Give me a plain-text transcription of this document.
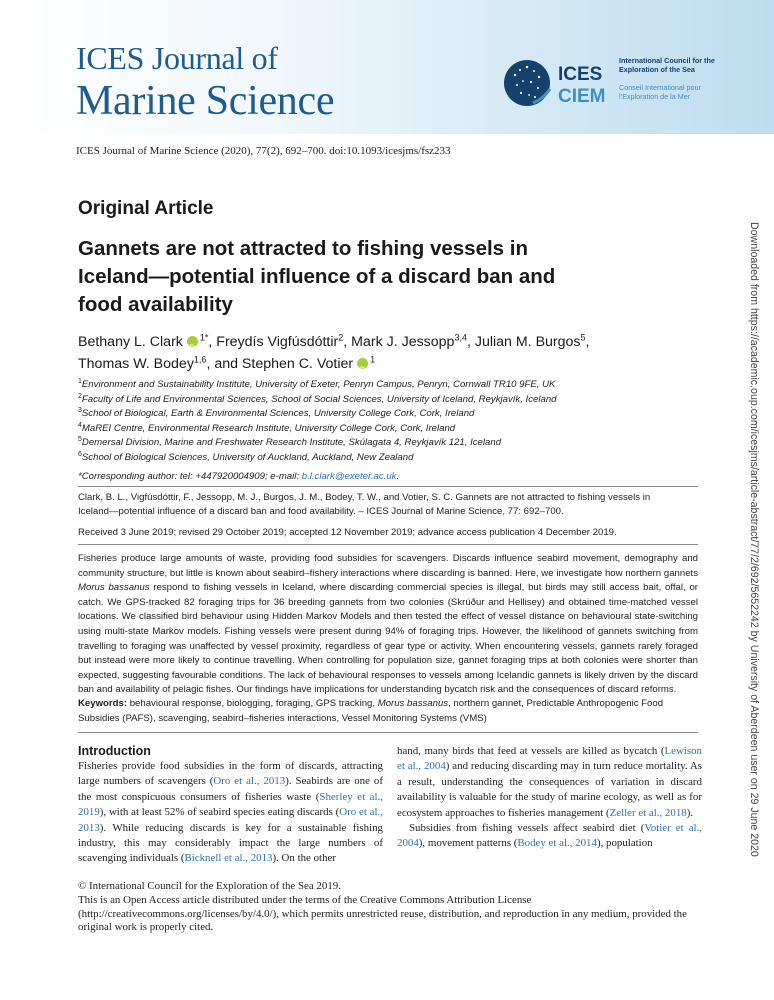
ICES Journal of
Marine Science
ICES
CIEM
International Council for the Exploration of the Sea
Conseil International pour l’Exploration de la Mer
ICES Journal of Marine Science (2020), 77(2), 692–700. doi:10.1093/icesjms/fsz233
Downloaded from https://academic.oup.com/icesjms/article-abstract/77/2/692/5652242 by University of Aberdeen user on 29 June 2020
Original Article
Gannets are not attracted to fishing vessels in Iceland—potential influence of a discard ban and food availability
Bethany L. Clark iD $^{1*}$, Freydís Vigfúsdóttir$^2$, Mark J. Jessopp$^{3,4}$, Julian M. Burgos$^5$,
Thomas W. Bodey$^{1,6}$, and Stephen C. Votier iD $^1$
$^1$Environment and Sustainability Institute, University of Exeter, Penryn Campus, Penryn, Cornwall TR10 9FE, UK
$^2$Faculty of Life and Environmental Sciences, School of Social Sciences, University of Iceland, Reykjavík, Iceland
$^3$School of Biological, Earth & Environmental Sciences, University College Cork, Cork, Ireland
$^4$MaREI Centre, Environmental Research Institute, University College Cork, Cork, Ireland
$^5$Demersal Division, Marine and Freshwater Research Institute, Skúlagata 4, Reykjavík 121, Iceland
$^6$School of Biological Sciences, University of Auckland, Auckland, New Zealand
*Corresponding author: tel: +447920004909; e-mail: b.l.clark@exeter.ac.uk.
Clark, B. L., Vigfúsdóttir, F., Jessopp, M. J., Burgos, J. M., Bodey, T. W., and Votier, S. C. Gannets are not attracted to fishing vessels in Iceland—potential influence of a discard ban and food availability. – ICES Journal of Marine Science, 77: 692–700.
Received 3 June 2019; revised 29 October 2019; accepted 12 November 2019; advance access publication 4 December 2019.
Fisheries produce large amounts of waste, providing food subsidies for scavengers. Discards influence seabird movement, demography and community structure, but little is known about seabird–fishery interactions where discarding is banned. Here, we investigate how northern gannets Morus bassanus respond to fishing vessels in Iceland, where discarding commercial species is illegal, but birds may still access bait, offal, or catch. We GPS-tracked 82 foraging trips for 36 breeding gannets from two colonies (Skrúður and Hellisey) and obtained time-matched vessel locations. We classified bird behaviour using Hidden Markov Models and then tested the effect of vessel distance on behavioural state-switching using multi-state Markov models. Fishing vessels were present during 94% of foraging trips. However, the likelihood of gannets switching from travelling to foraging was unaffected by vessel proximity, regardless of gear type or activity. When encountering vessels, gannets rarely foraged but instead were more likely to continue travelling. When controlling for population size, gannet foraging trips at both colonies were shorter than expected, suggesting favourable conditions. The lack of behavioural responses to vessels among Icelandic gannets is likely driven by the discard ban and availability of pelagic fishes. Our findings have implications for understanding bycatch risk and the consequences of discard reforms.
Keywords: behavioural response, biologging, foraging, GPS tracking, Morus bassanus, northern gannet, Predictable Anthropogenic Food Subsidies (PAFS), scavenging, seabird–fisheries interactions, Vessel Monitoring Systems (VMS)
Introduction

Fisheries provide food subsidies in the form of discards, attracting large numbers of scavengers (Oro et al., 2013). Seabirds are one of the most conspicuous consumers of fisheries waste (Sherley et al., 2019), with at least 52% of seabird species eating discards (Oro et al., 2013). While reducing discards is key for a sustainable fishing industry, this may considerably impact the large numbers of scavenging individuals (Bicknell et al., 2013). On the other

hand, many birds that feed at vessels are killed as bycatch (Lewison et al., 2004) and reducing discarding may in turn reduce mortality. As a result, understanding the consequences of variation in discard availability is valuable for the study of marine ecology, as well as for ecosystem approaches to fisheries management (Zeller et al., 2018).

Subsidies from fishing vessels affect seabird diet (Votier et al., 2004), movement patterns (Bodey et al., 2014), population

© International Council for the Exploration of the Sea 2019.
This is an Open Access article distributed under the terms of the Creative Commons Attribution License (http://creativecommons.org/licenses/by/4.0/), which permits unrestricted reuse, distribution, and reproduction in any medium, provided the original work is properly cited.
